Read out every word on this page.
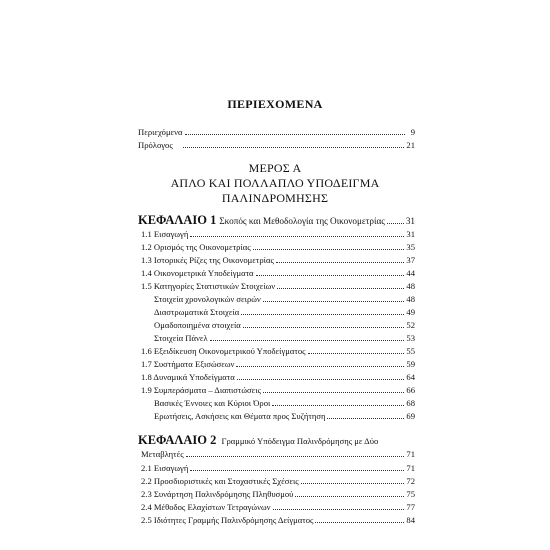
ΠΕΡΙΕΧΟΜΕΝΑ
Περιεχόμενα	9
Πρόλογος	21
ΜΕΡΟΣ Α
ΑΠΛΟ ΚΑΙ ΠΟΛΛΑΠΛΟ ΥΠΟΔΕΙΓΜΑ
ΠΑΛΙΝΔΡΟΜΗΣΗΣ
ΚΕΦΑΛΑΙΟ 1 Σκοπός και Μεθοδολογία της Οικονομετρίας 31
1.1 Εισαγωγή	31
1.2 Ορισμός της Οικονομετρίας	35
1.3 Ιστορικές Ρίζες της Οικονομετρίας	37
1.4 Οικονομετρικά Υποδείγματα	44
1.5 Κατηγορίες Στατιστικών Στοιχείων	48
Στοιχεία χρονολογικών σειρών	48
Διαστρωματικά Στοιχεία	49
Ομαδοποιημένα στοιχεία	52
Στοιχεία Πάνελ	53
1.6 Εξειδίκευση Οικονομετρικού Υποδείγματος	55
1.7 Συστήματα Εξισώσεων	59
1.8 Δυναμικά Υποδείγματα	64
1.9 Συμπεράσματα – Διαπιστώσεις	66
Βασικές Έννοιες και Κύριοι Όροι	68
Ερωτήσεις, Ασκήσεις και Θέματα προς Συζήτηση	69
ΚΕΦΑΛΑΙΟ 2 Γραμμικό Υπόδειγμα Παλινδρόμησης με Δύο
Μεταβλητές	71
2.1 Εισαγωγή	71
2.2 Προσδιοριστικές και Στοχαστικές Σχέσεις	72
2.3 Συνάρτηση Παλινδρόμησης Πληθυσμού	75
2.4 Μέθοδος Ελαχίστων Τετραγώνων	77
2.5 Ιδιότητες Γραμμής Παλινδρόμησης Δείγματος	84
